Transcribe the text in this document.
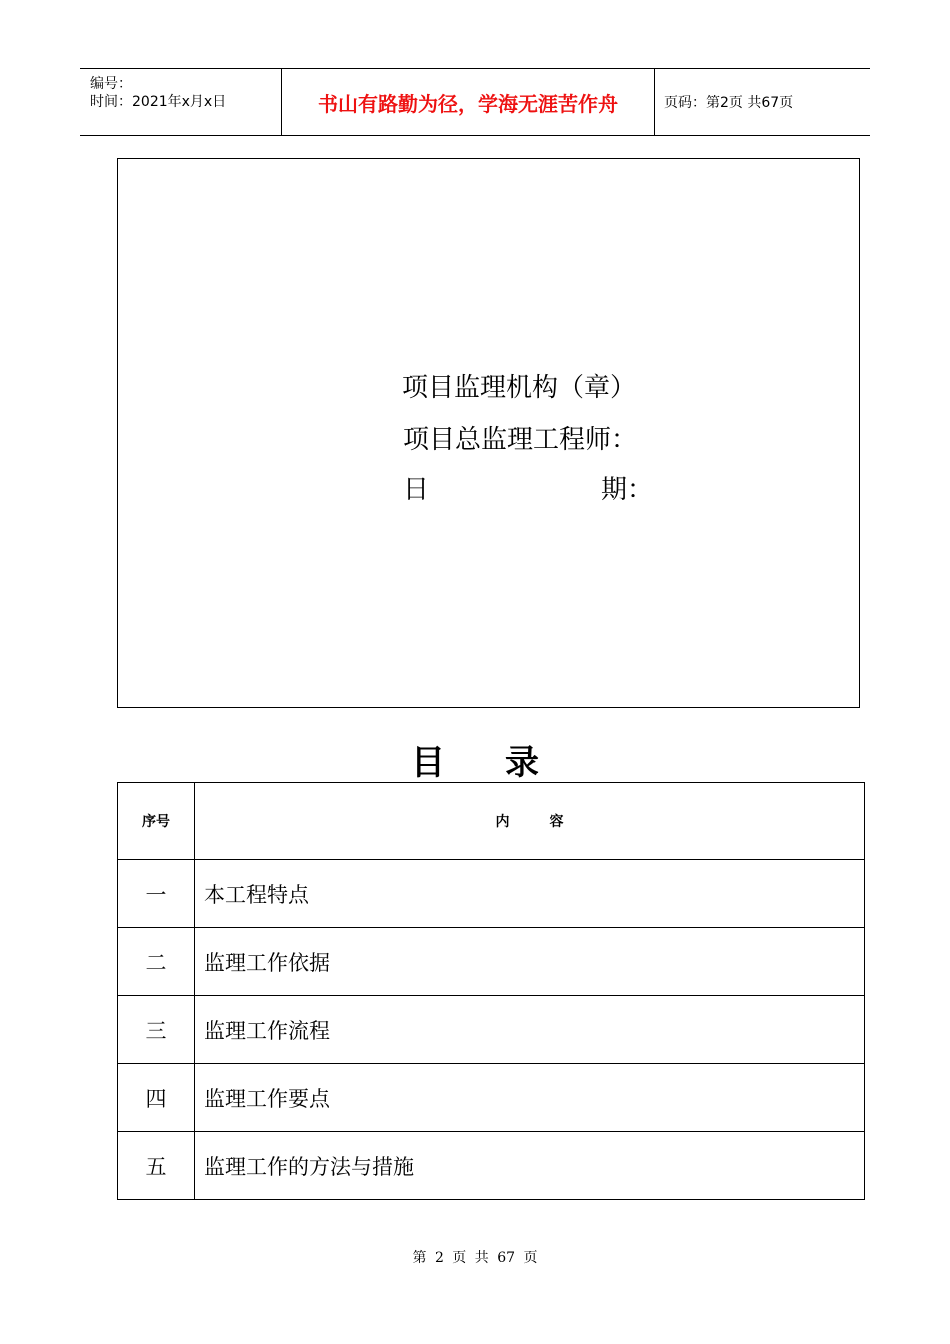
编号：
时间：2021年x月x日	书山有路勤为径，学海无涯苦作舟	页码：第2页 共67页
项目监理机构（章）
项目总监理工程师：
日	期：
目 录
序号	内 容
一	本工程特点
二	监理工作依据
三	监理工作流程
四	监理工作要点
五	监理工作的方法与措施
第 2 页 共 67 页
